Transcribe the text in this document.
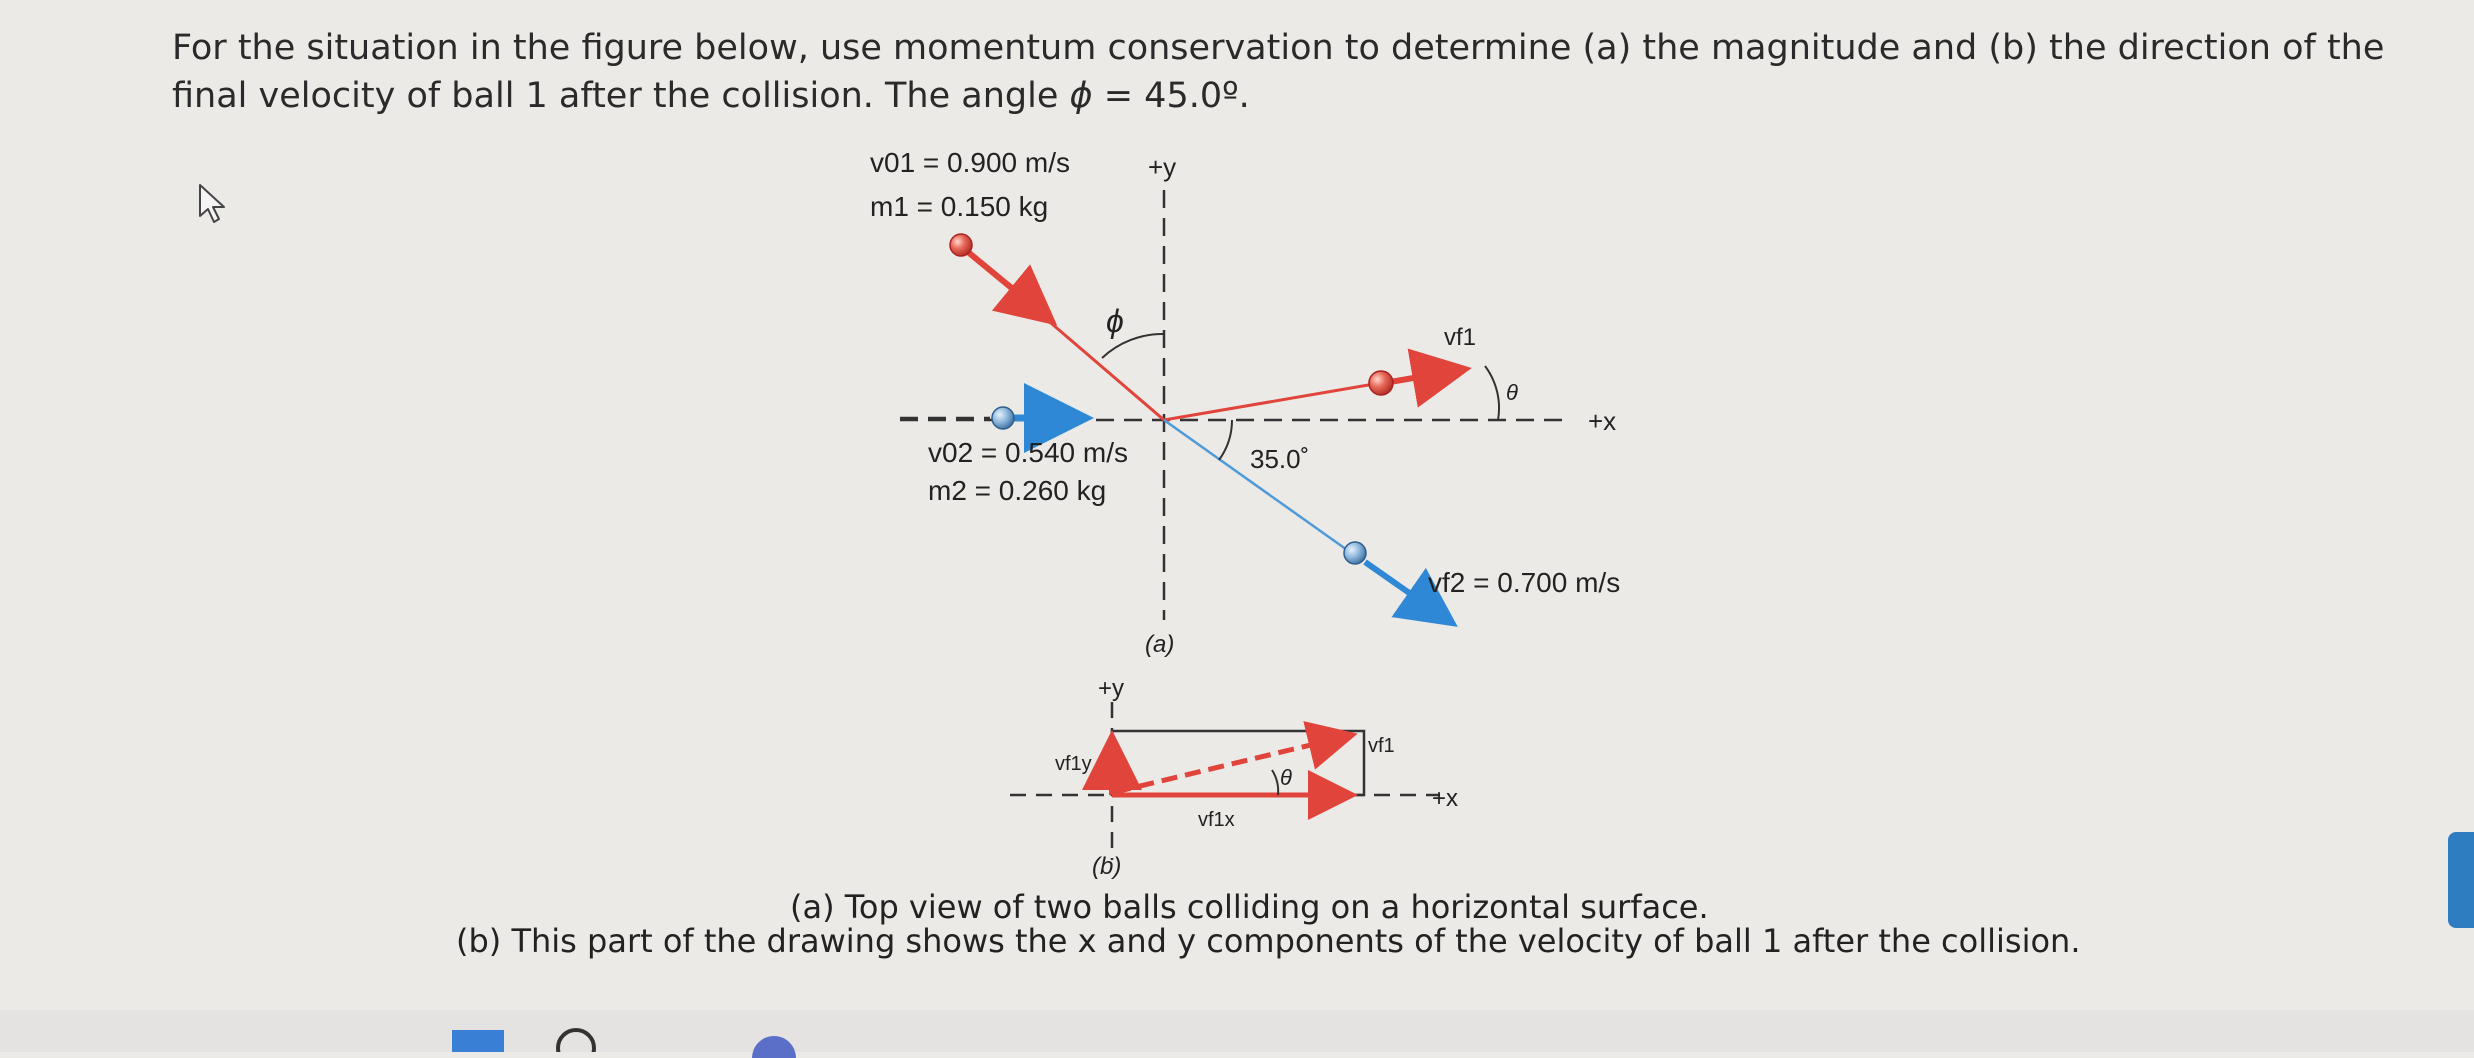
For the situation in the figure below, use momentum conservation to determine (a) the magnitude and (b) the direction of the final velocity of ball 1 after the collision. The angle ϕ = 45.0º.
v01 = 0.900 m/s
m1 = 0.150 kg
+y
ϕ	vf1
θ
+x
v02 = 0.540 m/s
m2 = 0.260 kg
35.0˚
vf2 = 0.700 m/s
(a)
+y
vf1y
vf1
θ
+x
vf1x
(b)
(a) Top view of two balls colliding on a horizontal surface.
(b) This part of the drawing shows the x and y components of the velocity of ball 1 after the collision.
